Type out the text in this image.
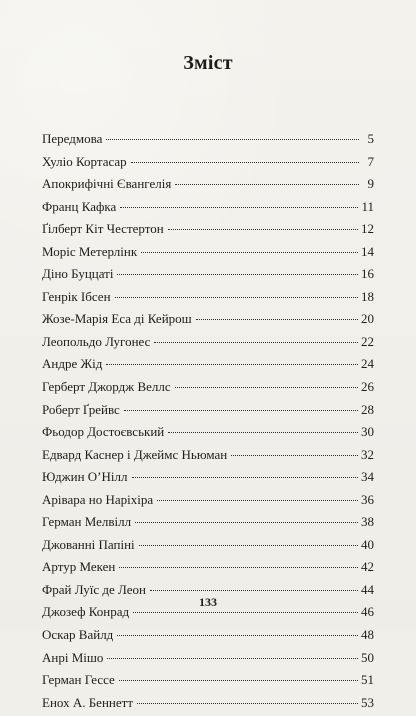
Зміст
Передмова	5
Хуліо Кортасар	7
Апокрифічні Євангелія	9
Франц Кафка	11
Ґілберт Кіт Честертон	12
Моріс Метерлінк	14
Діно Буццаті	16
Генрік Ібсен	18
Жозе-Марія Еса ді Кейрош	20
Леопольдо Лугонес	22
Андре Жід	24
Герберт Джордж Веллс	26
Роберт Ґрейвс	28
Фьодор Достоєвський	30
Едвард Каснер і Джеймс Ньюман	32
Юджин О’Нілл	34
Арівара но Наріхіра	36
Герман Мелвілл	38
Джованні Папіні	40
Артур Мекен	42
Фрай Луїс де Леон	44
Джозеф Конрад	46
Оскар Вайлд	48
Анрі Мішо	50
Герман Гессе	51
Енох А. Беннетт	53
133
